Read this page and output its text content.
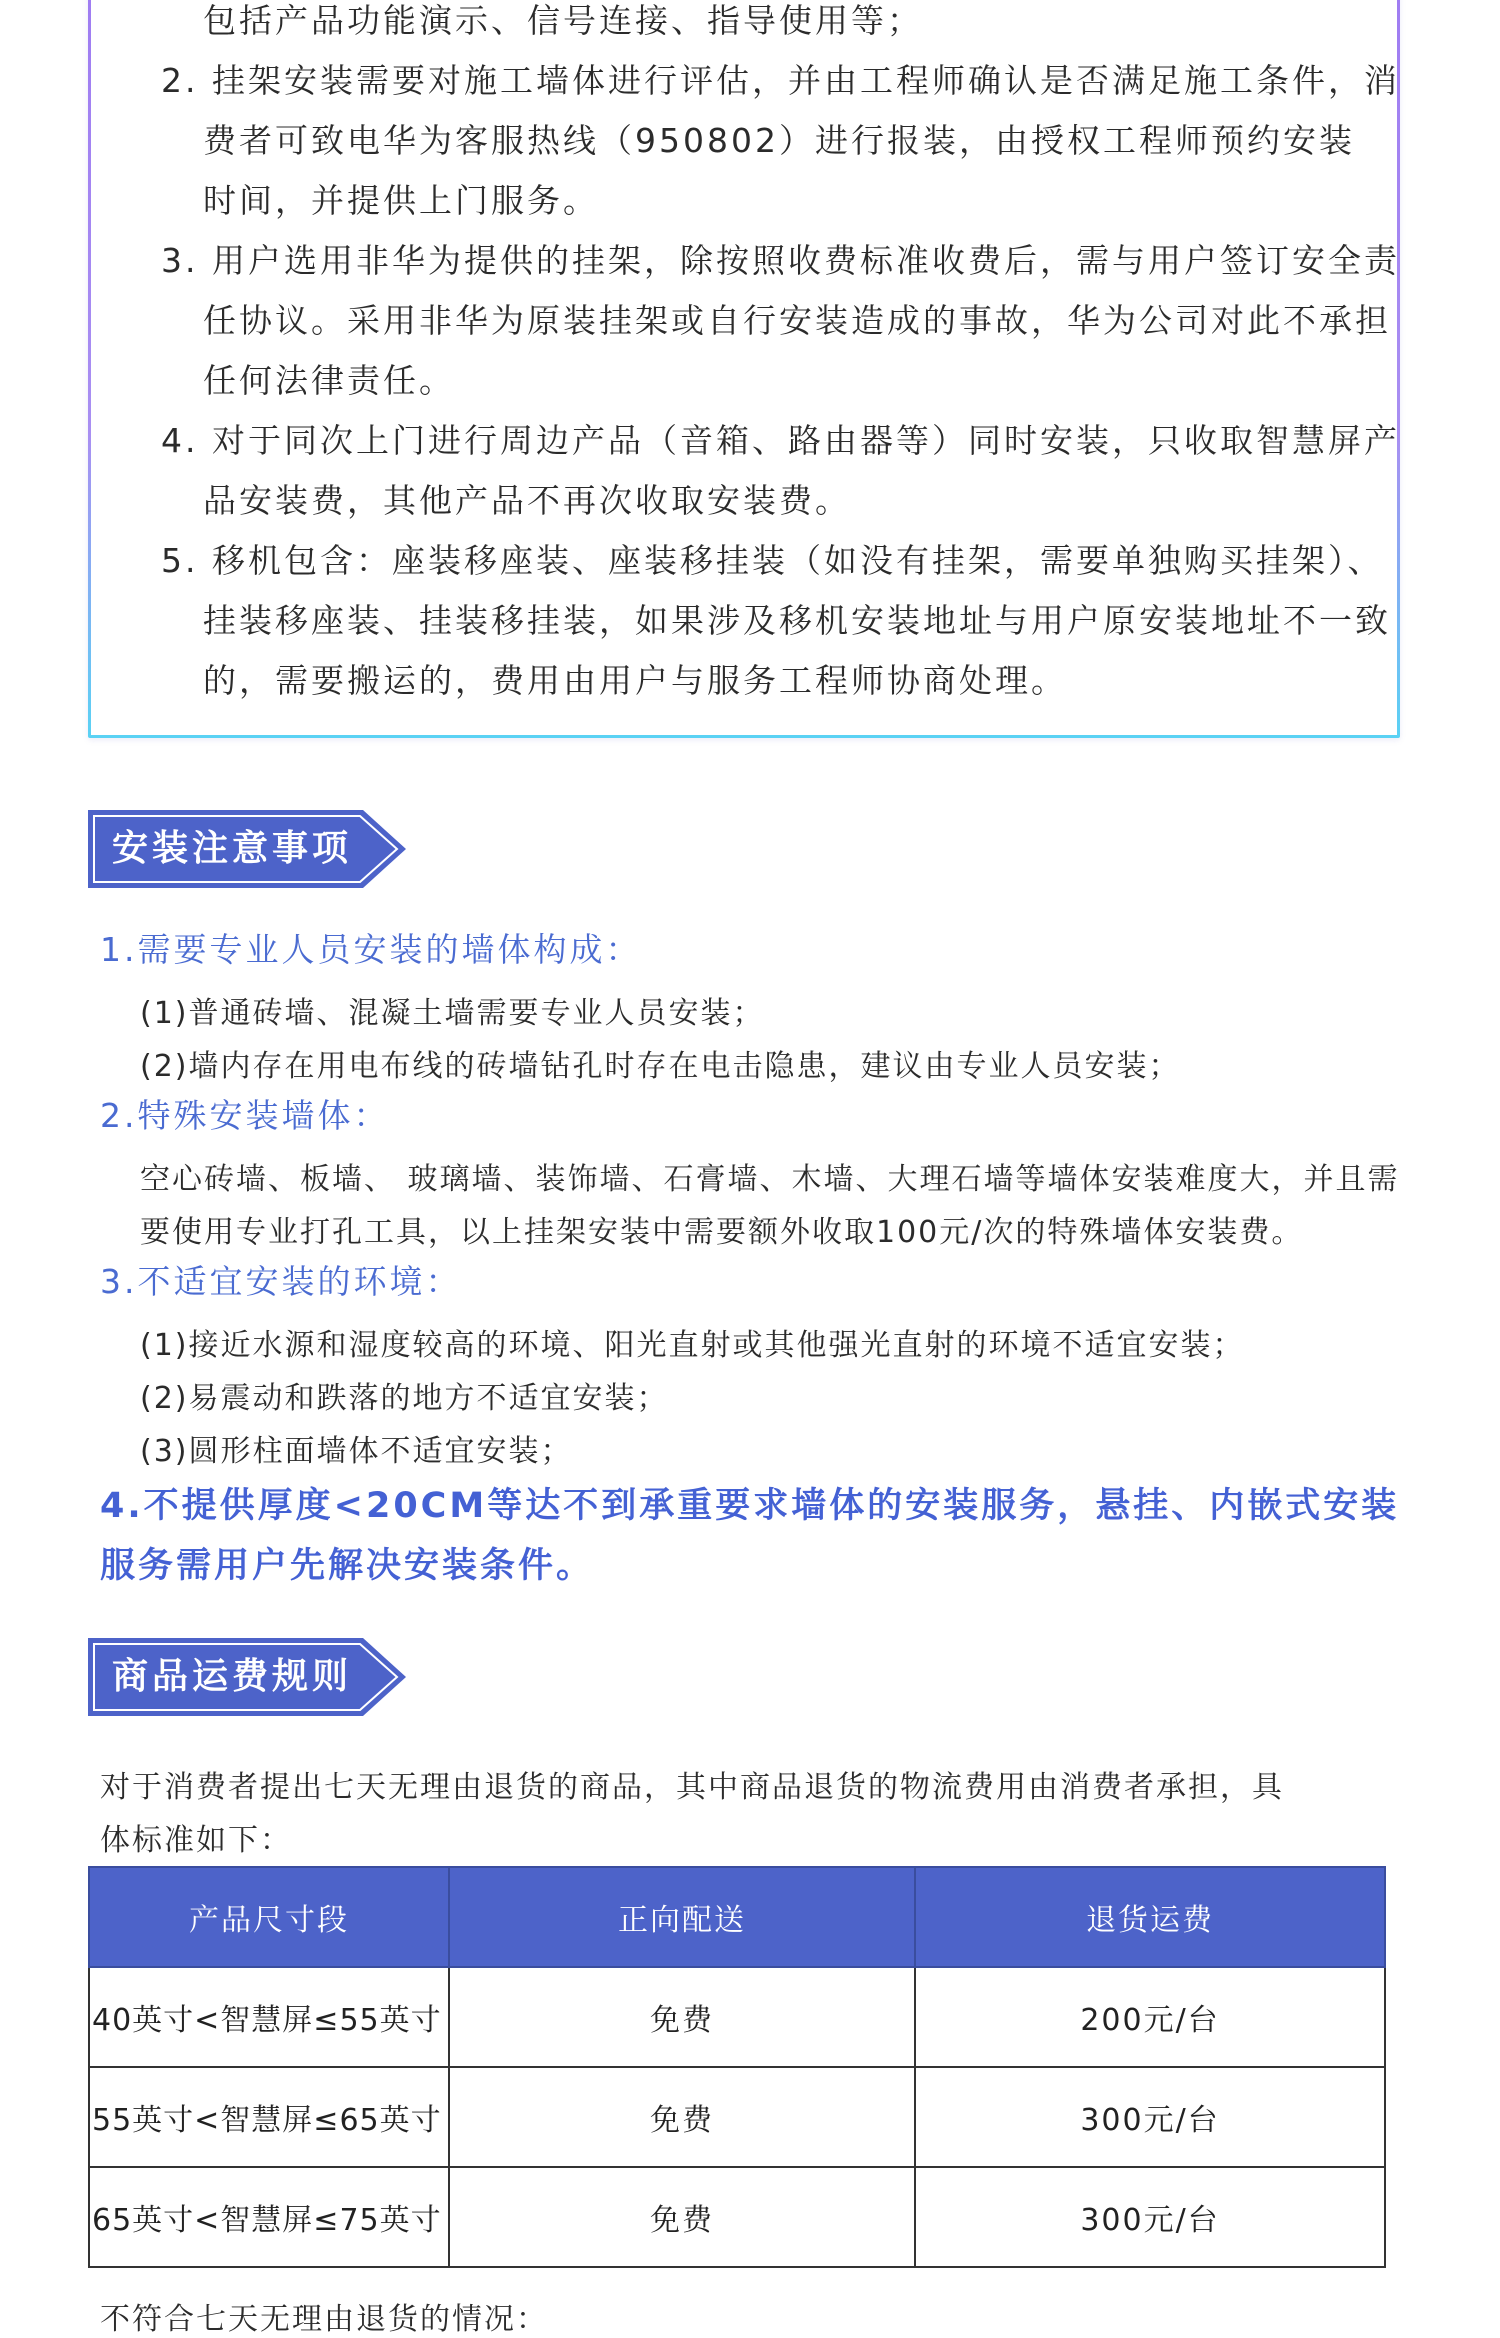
包括产品功能演示、信号连接、指导使用等；
2. 挂架安装需要对施工墙体进行评估，并由工程师确认是否满足施工条件，消
费者可致电华为客服热线（950802）进行报装，由授权工程师预约安装
时间，并提供上门服务。
3. 用户选用非华为提供的挂架，除按照收费标准收费后，需与用户签订安全责
任协议。采用非华为原装挂架或自行安装造成的事故，华为公司对此不承担
任何法律责任。
4. 对于同次上门进行周边产品（音箱、路由器等）同时安装，只收取智慧屏产
品安装费，其他产品不再次收取安装费。
5. 移机包含：座装移座装、座装移挂装（如没有挂架，需要单独购买挂架）、
挂装移座装、挂装移挂装，如果涉及移机安装地址与用户原安装地址不一致
的，需要搬运的，费用由用户与服务工程师协商处理。
安装注意事项
1.需要专业人员安装的墙体构成：
(1)普通砖墙、混凝土墙需要专业人员安装；
(2)墙内存在用电布线的砖墙钻孔时存在电击隐患，建议由专业人员安装；
2.特殊安装墙体：
空心砖墙、板墙、 玻璃墙、装饰墙、石膏墙、木墙、大理石墙等墙体安装难度大，并且需
要使用专业打孔工具，以上挂架安装中需要额外收取100元/次的特殊墙体安装费。
3.不适宜安装的环境：
(1)接近水源和湿度较高的环境、阳光直射或其他强光直射的环境不适宜安装；
(2)易震动和跌落的地方不适宜安装；
(3)圆形柱面墙体不适宜安装；
4.不提供厚度<20CM等达不到承重要求墙体的安装服务，悬挂、内嵌式安装
服务需用户先解决安装条件。
商品运费规则
对于消费者提出七天无理由退货的商品，其中商品退货的物流费用由消费者承担，具
体标准如下：
产品尺寸段	正向配送	退货运费
40英寸<智慧屏≤55英寸	免费	200元/台
55英寸<智慧屏≤65英寸	免费	300元/台
65英寸<智慧屏≤75英寸	免费	300元/台
不符合七天无理由退货的情况：
